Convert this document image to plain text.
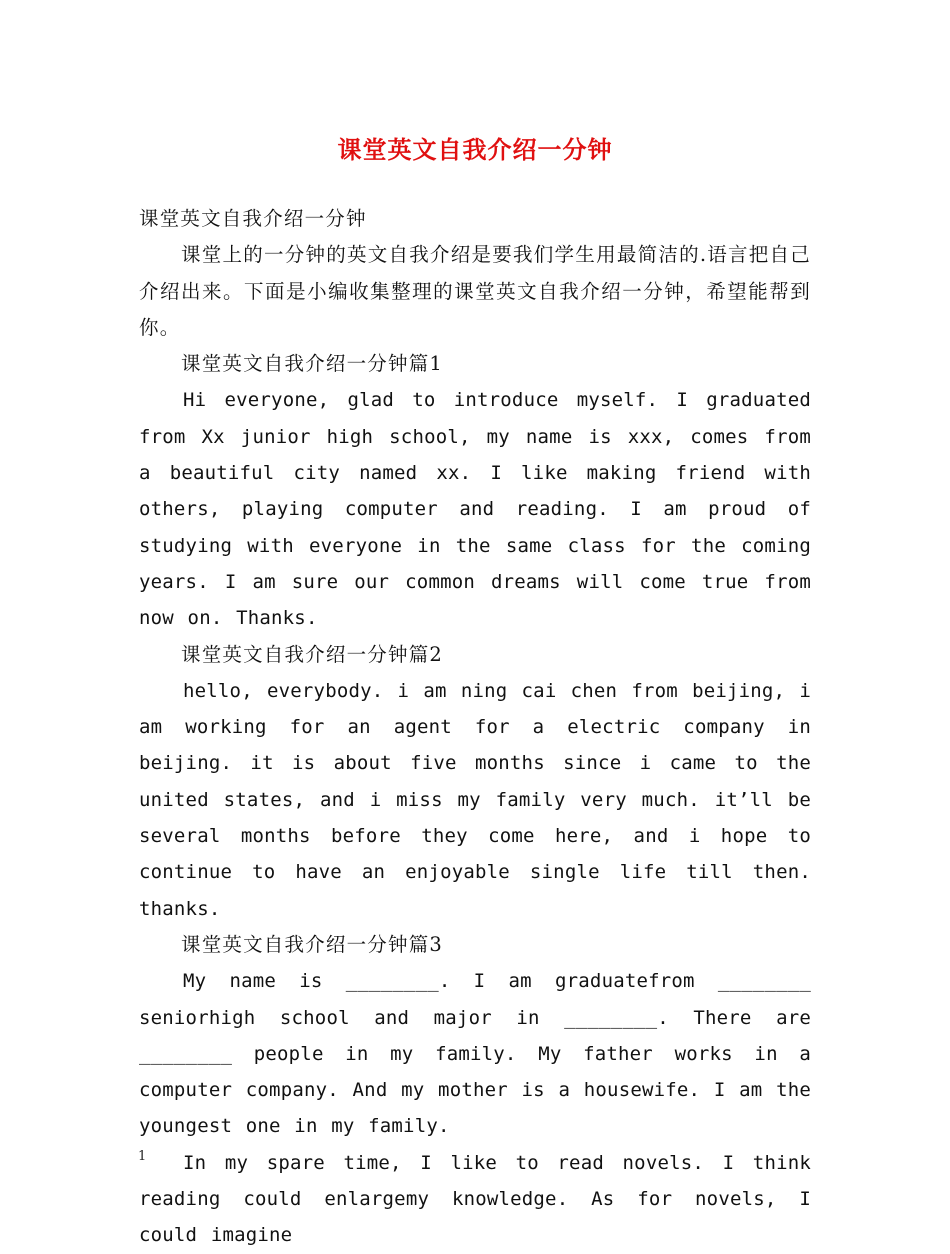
课堂英文自我介绍一分钟

课堂英文自我介绍一分钟

课堂上的一分钟的英文自我介绍是要我们学生用最简洁的.语言把自己介绍出来。下面是小编收集整理的课堂英文自我介绍一分钟，希望能帮到你。

课堂英文自我介绍一分钟篇1

Hi everyone, glad to introduce myself. I graduated from Xx junior high school, my name is xxx, comes from a beautiful city named xx. I like making friend with others, playing computer and reading. I am proud of studying with everyone in the same class for the coming years. I am sure our common dreams will come true from now on. Thanks.

课堂英文自我介绍一分钟篇2

hello, everybody. i am ning cai chen from beijing, i am working for an agent for a electric company in beijing. it is about five months since i came to the united states, and i miss my family very much. it’ll be several months before they come here, and i hope to continue to have an enjoyable single life till then. thanks.

课堂英文自我介绍一分钟篇3

My name is ________. I am graduatefrom ________ seniorhigh school and major in ________. There are ________ people in my family. My father works in a computer company. And my mother is a housewife. I am the youngest one in my family.

In my spare time, I like to read novels. I think reading could enlargemy knowledge. As for novels, I could imagine

1
